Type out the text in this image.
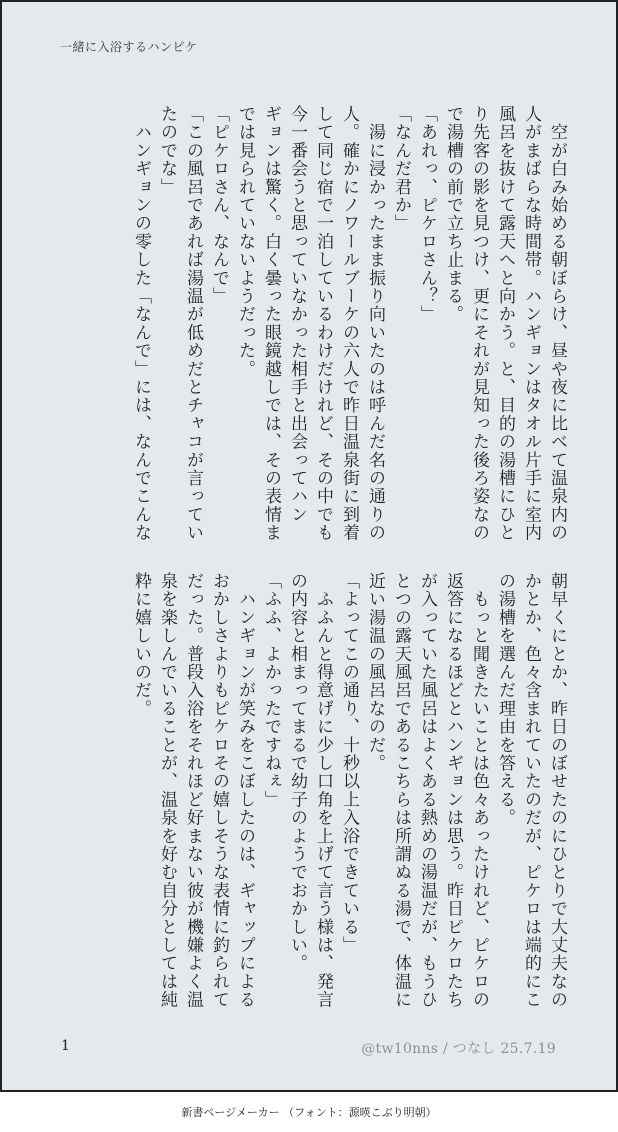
一緒に入浴するハンピケ
　空が白み始める朝ぼらけ、昼や夜に比べて温泉内の
人がまばらな時間帯。ハンギョンはタオル片手に室内
風呂を抜けて露天へと向かう。と、目的の湯槽にひと
り先客の影を見つけ、更にそれが見知った後ろ姿なの
で湯槽の前で立ち止まる。
「あれっ、ピケロさん？」
「なんだ君か」
　湯に浸かったまま振り向いたのは呼んだ名の通りの
人。確かにノワールブーケの六人で昨日温泉街に到着
して同じ宿で一泊しているわけだけれど、その中でも
今一番会うと思っていなかった相手と出会ってハン
ギョンは驚く。白く曇った眼鏡越しでは、その表情ま
では見られていないようだった。
「ピケロさん、なんで」
「この風呂であれば湯温が低めだとチャコが言ってい
たのでな」
　ハンギョンの零した「なんで」には、なんでこんな
朝早くにとか、昨日のぼせたのにひとりで大丈夫なの
かとか、色々含まれていたのだが、ピケロは端的にこ
の湯槽を選んだ理由を答える。
　もっと聞きたいことは色々あったけれど、ピケロの
返答になるほどとハンギョンは思う。昨日ピケロたち
が入っていた風呂はよくある熱めの湯温だが、もうひ
とつの露天風呂であるこちらは所謂ぬる湯で、体温に
近い湯温の風呂なのだ。
「よってこの通り、十秒以上入浴できている」
　ふふんと得意げに少し口角を上げて言う様は、発言
の内容と相まってまるで幼子のようでおかしい。
「ふふ、よかったですねぇ」
　ハンギョンが笑みをこぼしたのは、ギャップによる
おかしさよりもピケロその嬉しそうな表情に釣られて
だった。普段入浴をそれほど好まない彼が機嫌よく温
泉を楽しんでいることが、温泉を好む自分としては純
粋に嬉しいのだ。
1	@tw10nns / つなし 25.7.19
新書ページメーカー （フォント：源暎こぶり明朝）
